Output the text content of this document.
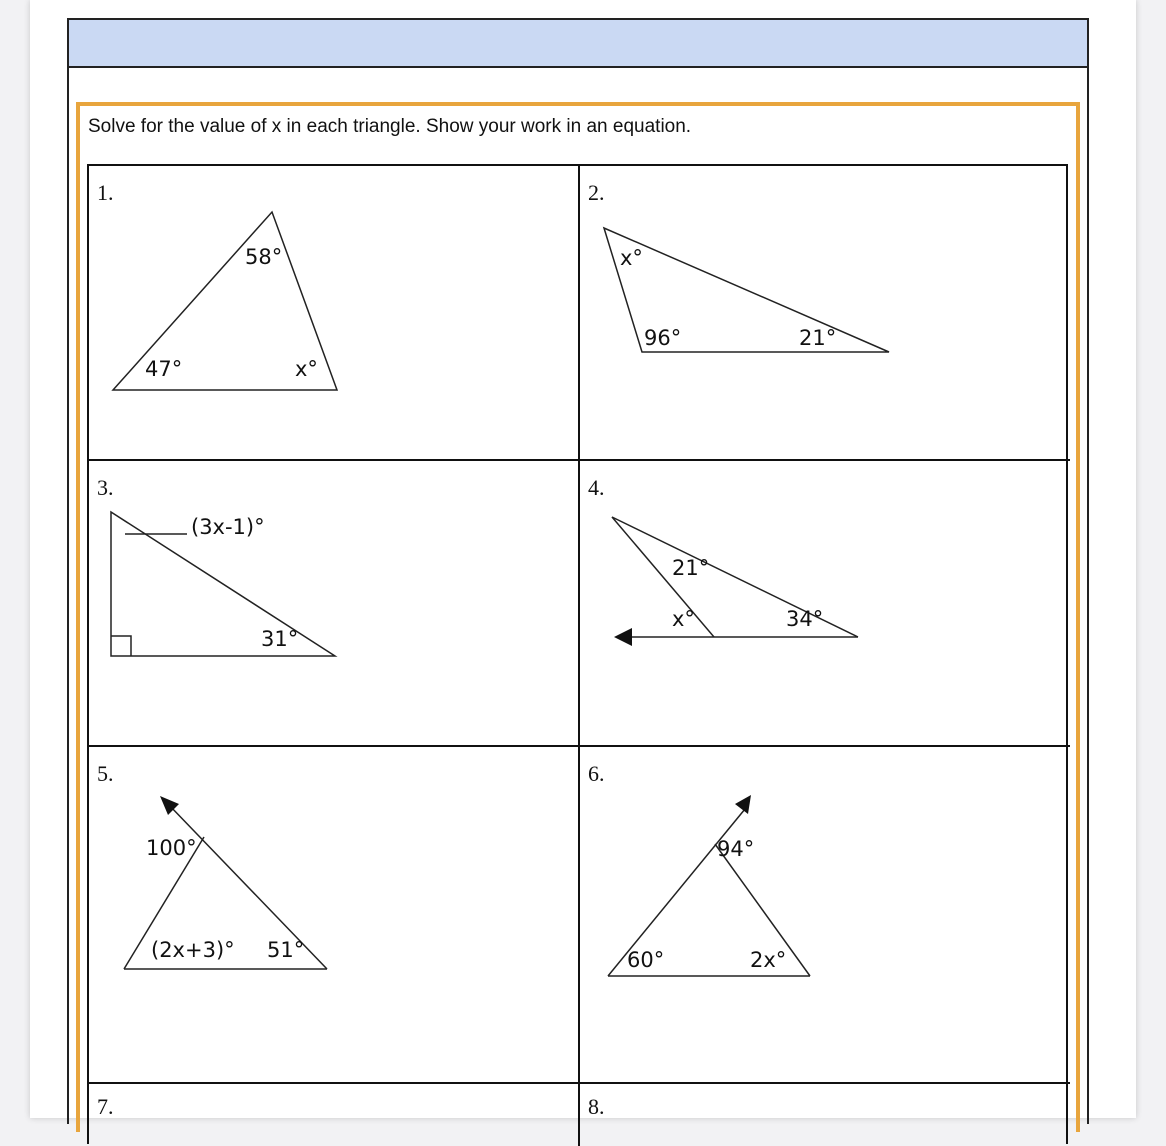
Solve for the value of x in each triangle. Show your work in an equation.
1.
58°
47°	x°
2.
x°
96°	21°
3.
(3x-1)°
31°
4.
21°
x°	34°
5.
100°
(2x+3)° 51°
6.
94°
60°	2x°
7.	8.
